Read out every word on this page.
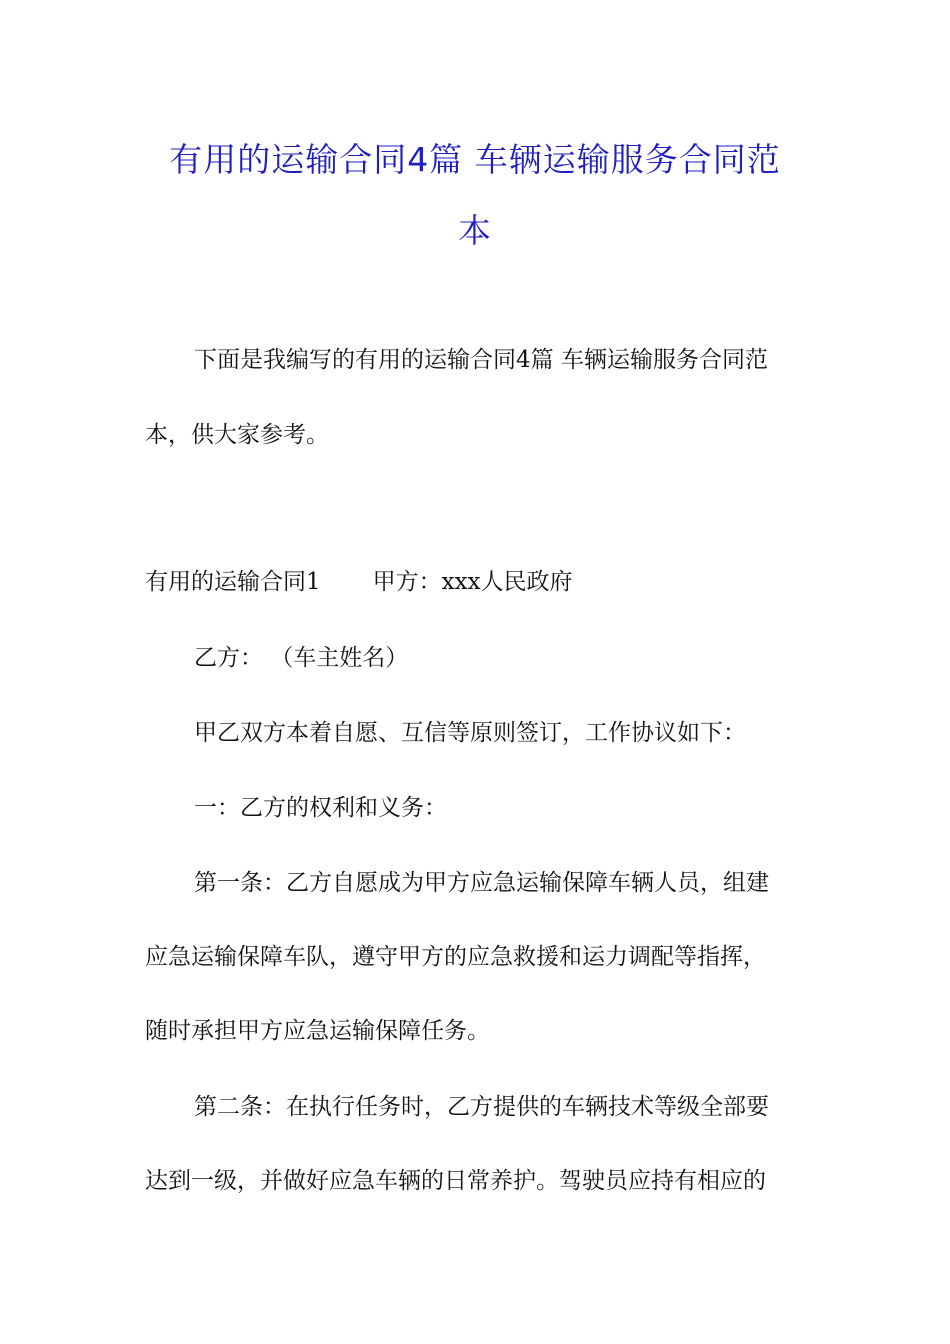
有用的运输合同4篇 车辆运输服务合同范
本
下面是我编写的有用的运输合同4篇 车辆运输服务合同范
本，供大家参考。
有用的运输合同1 甲方：xxx人民政府
乙方： （车主姓名）
甲乙双方本着自愿、互信等原则签订，工作协议如下：
一：乙方的权利和义务：
第一条：乙方自愿成为甲方应急运输保障车辆人员，组建
应急运输保障车队，遵守甲方的应急救援和运力调配等指挥，
随时承担甲方应急运输保障任务。
第二条：在执行任务时，乙方提供的车辆技术等级全部要
达到一级，并做好应急车辆的日常养护。驾驶员应持有相应的
